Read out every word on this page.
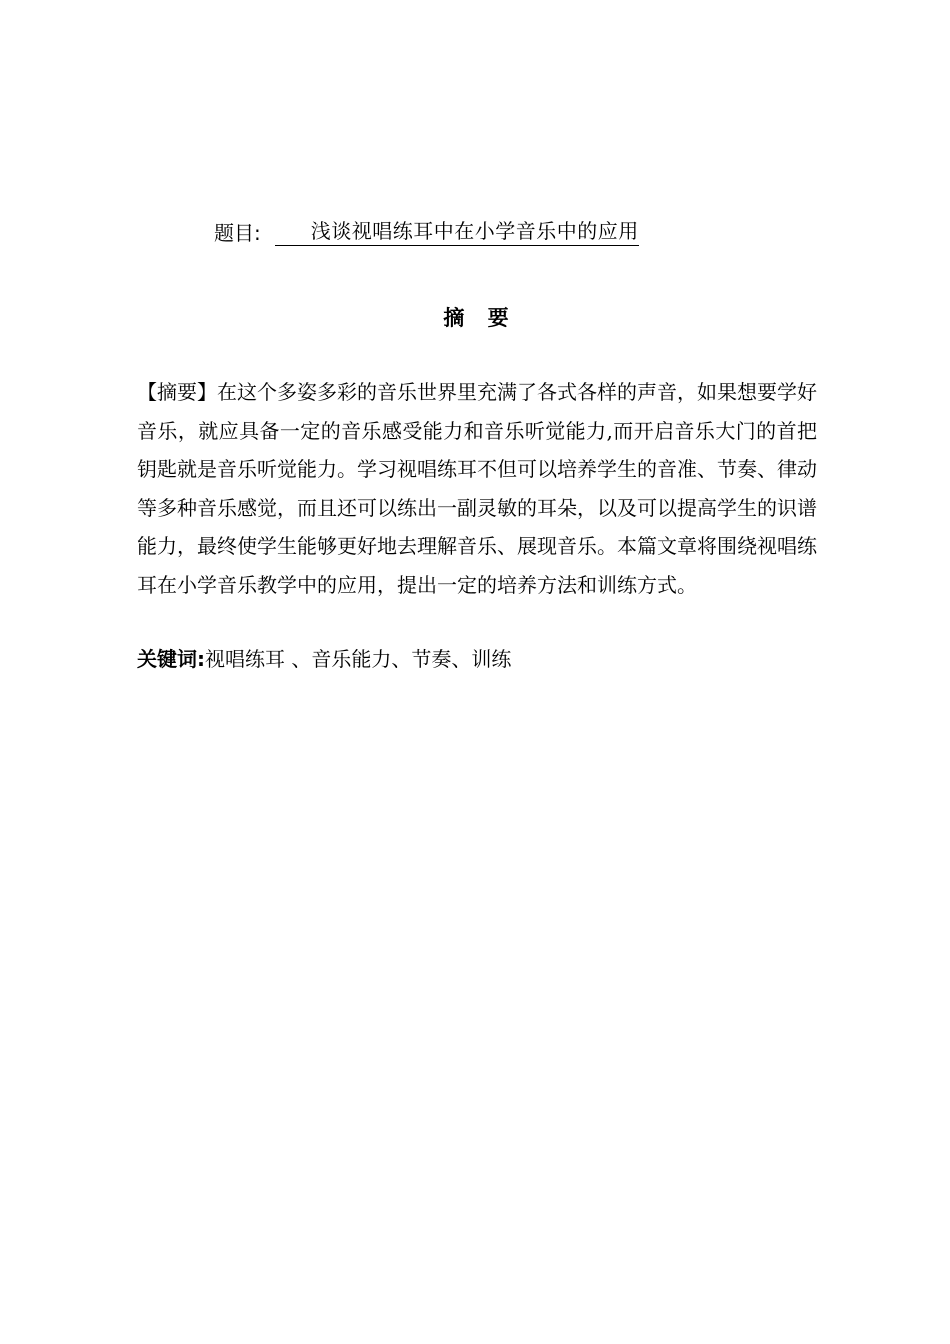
题目:	浅谈视唱练耳中在小学音乐中的应用
摘 要
【摘要】在这个多姿多彩的音乐世界里充满了各式各样的声音，如果想要学好音乐，就应具备一定的音乐感受能力和音乐听觉能力,而开启音乐大门的首把钥匙就是音乐听觉能力。学习视唱练耳不但可以培养学生的音准、节奏、律动等多种音乐感觉，而且还可以练出一副灵敏的耳朵，以及可以提高学生的识谱能力，最终使学生能够更好地去理解音乐、展现音乐。本篇文章将围绕视唱练耳在小学音乐教学中的应用，提出一定的培养方法和训练方式。
关键词:视唱练耳 、音乐能力、节奏、训练
